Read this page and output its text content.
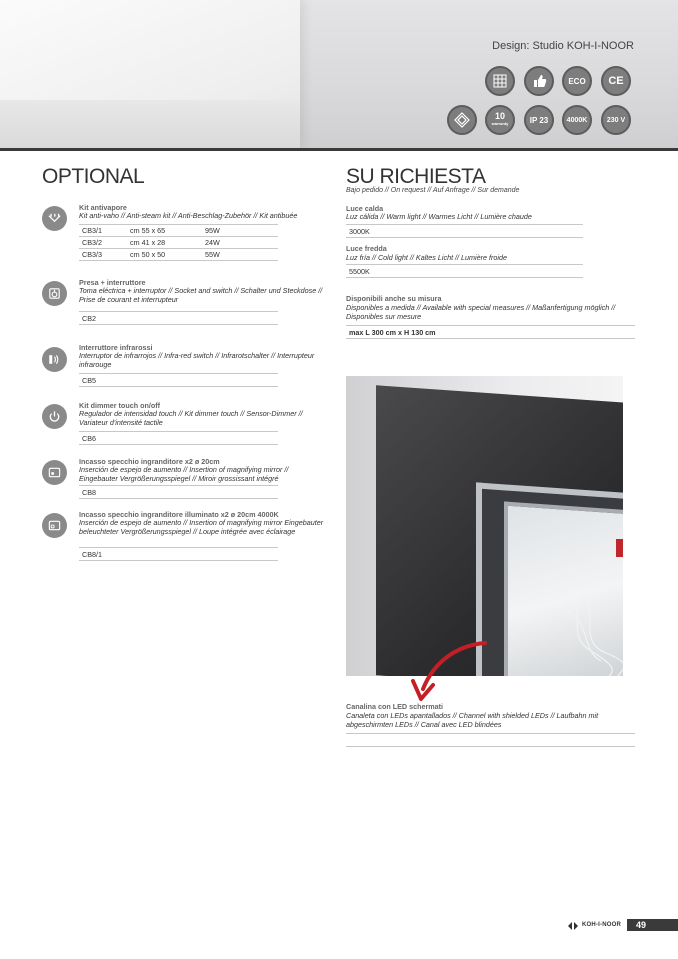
Design: Studio KOH-I-NOOR
ECO	CE
10
warranty	IP 23	4000K	230 V
OPTIONAL
Kit antivapore
Kit anti-vaho // Anti-steam kit // Anti-Beschlag-Zubehör // Kit antibuée
CB3/1	cm 55 x 65	95W
CB3/2	cm 41 x 28	24W
CB3/3	cm 50 x 50	55W
Presa + interruttore
Toma eléctrica + interruptor // Socket and switch // Schalter und Steckdose // Prise de courant et interrupteur
CB2
Interruttore infrarossi
Interruptor de infrarrojos // Infra-red switch // Infrarotschalter // Interrupteur infrarouge
CB5
Kit dimmer touch on/off
Regulador de intensidad touch // Kit dimmer touch // Sensor-Dimmer // Variateur d'intensité tactile
CB6
Incasso specchio ingranditore x2 ø 20cm
Inserción de espejo de aumento // Insertion of magnifying mirror // Eingebauter Vergrößerungsspiegel // Miroir grossissant intégré
CB8
Incasso specchio ingranditore illuminato x2 ø 20cm 4000K
Inserción de espejo de aumento // Insertion of magnifying mirror Eingebauter beleuchteter Vergrößerungsspiegel // Loupe intégrée avec éclairage
CB8/1
SU RICHIESTA
Bajo pedido // On request // Auf Anfrage // Sur demande
Luce calda
Luz cálida // Warm light // Warmes Licht // Lumière chaude
3000K
Luce fredda
Luz fría // Cold light // Kaltes Licht // Lumière froide
5500K
Disponibili anche su misura
Disponibles a medida // Available with special measures // Maßanfertigung möglich // Disponibles sur mesure
max L 300 cm x H 130 cm
Canalina con LED schermati
Canaleta con LEDs apantallados // Channel with shielded LEDs // Laufbahn mit abgeschirmten LEDs // Canal avec LED blindées
KOH-I-NOOR	49
